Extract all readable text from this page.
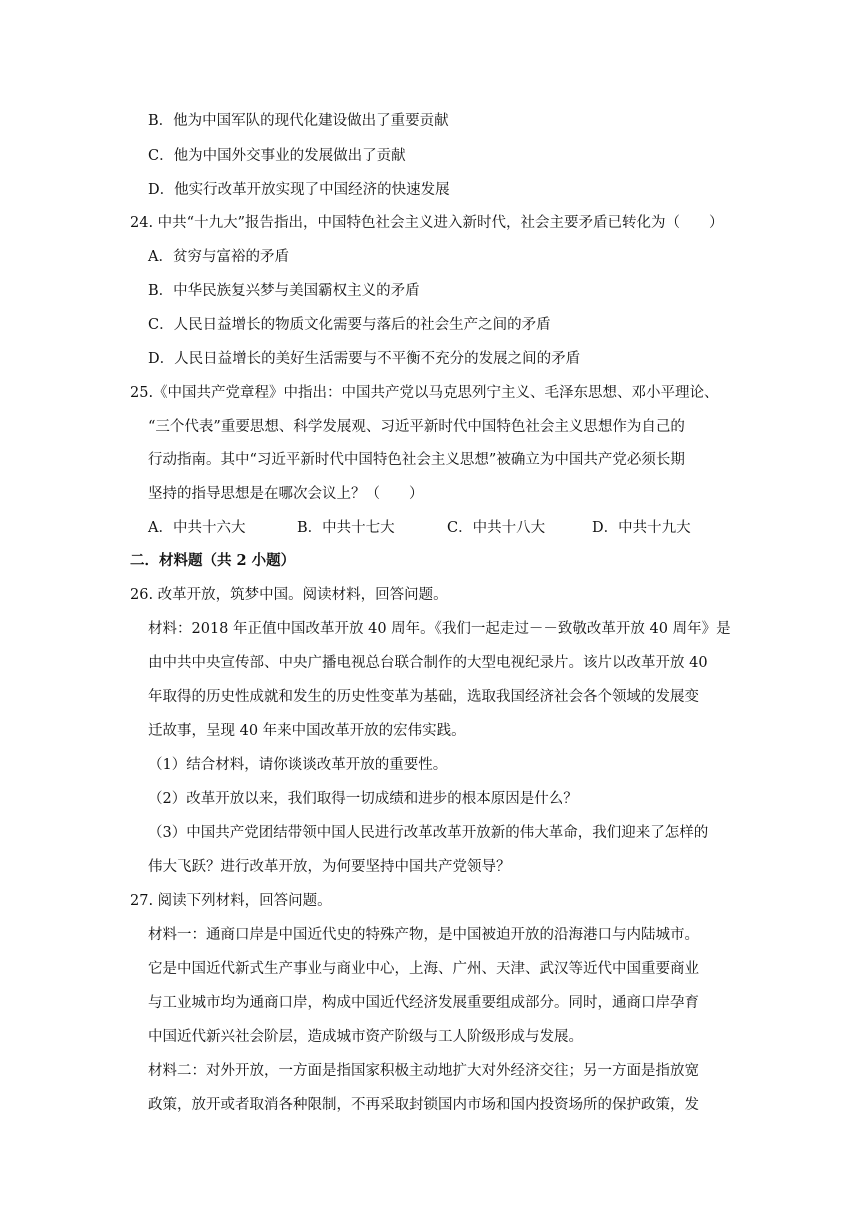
B．他为中国军队的现代化建设做出了重要贡献
C．他为中国外交事业的发展做出了贡献
D．他实行改革开放实现了中国经济的快速发展
24. 中共“十九大”报告指出，中国特色社会主义进入新时代，社会主要矛盾已转化为（　　）
A．贫穷与富裕的矛盾
B．中华民族复兴梦与美国霸权主义的矛盾
C．人民日益增长的物质文化需要与落后的社会生产之间的矛盾
D．人民日益增长的美好生活需要与不平衡不充分的发展之间的矛盾
25.《中国共产党章程》中指出：中国共产党以马克思列宁主义、毛泽东思想、邓小平理论、
“三个代表”重要思想、科学发展观、习近平新时代中国特色社会主义思想作为自己的
行动指南。其中“习近平新时代中国特色社会主义思想”被确立为中国共产党必须长期
坚持的指导思想是在哪次会议上？（　　）
A．中共十六大	B．中共十七大	C．中共十八大	D．中共十九大
二．材料题（共 2 小题）
26. 改革开放，筑梦中国。阅读材料，回答问题。
材料：2018 年正值中国改革开放 40 周年。《我们一起走过－－致敬改革开放 40 周年》是
由中共中央宣传部、中央广播电视总台联合制作的大型电视纪录片。该片以改革开放 40
年取得的历史性成就和发生的历史性变革为基础，选取我国经济社会各个领域的发展变
迁故事，呈现 40 年来中国改革开放的宏伟实践。
（1）结合材料，请你谈谈改革开放的重要性。
（2）改革开放以来，我们取得一切成绩和进步的根本原因是什么？
（3）中国共产党团结带领中国人民进行改革改革开放新的伟大革命，我们迎来了怎样的
伟大飞跃？进行改革开放，为何要坚持中国共产党领导？
27. 阅读下列材料，回答问题。
材料一：通商口岸是中国近代史的特殊产物，是中国被迫开放的沿海港口与内陆城市。
它是中国近代新式生产事业与商业中心，上海、广州、天津、武汉等近代中国重要商业
与工业城市均为通商口岸，构成中国近代经济发展重要组成部分。同时，通商口岸孕育
中国近代新兴社会阶层，造成城市资产阶级与工人阶级形成与发展。
材料二：对外开放，一方面是指国家积极主动地扩大对外经济交往；另一方面是指放宽
政策，放开或者取消各种限制，不再采取封锁国内市场和国内投资场所的保护政策，发
